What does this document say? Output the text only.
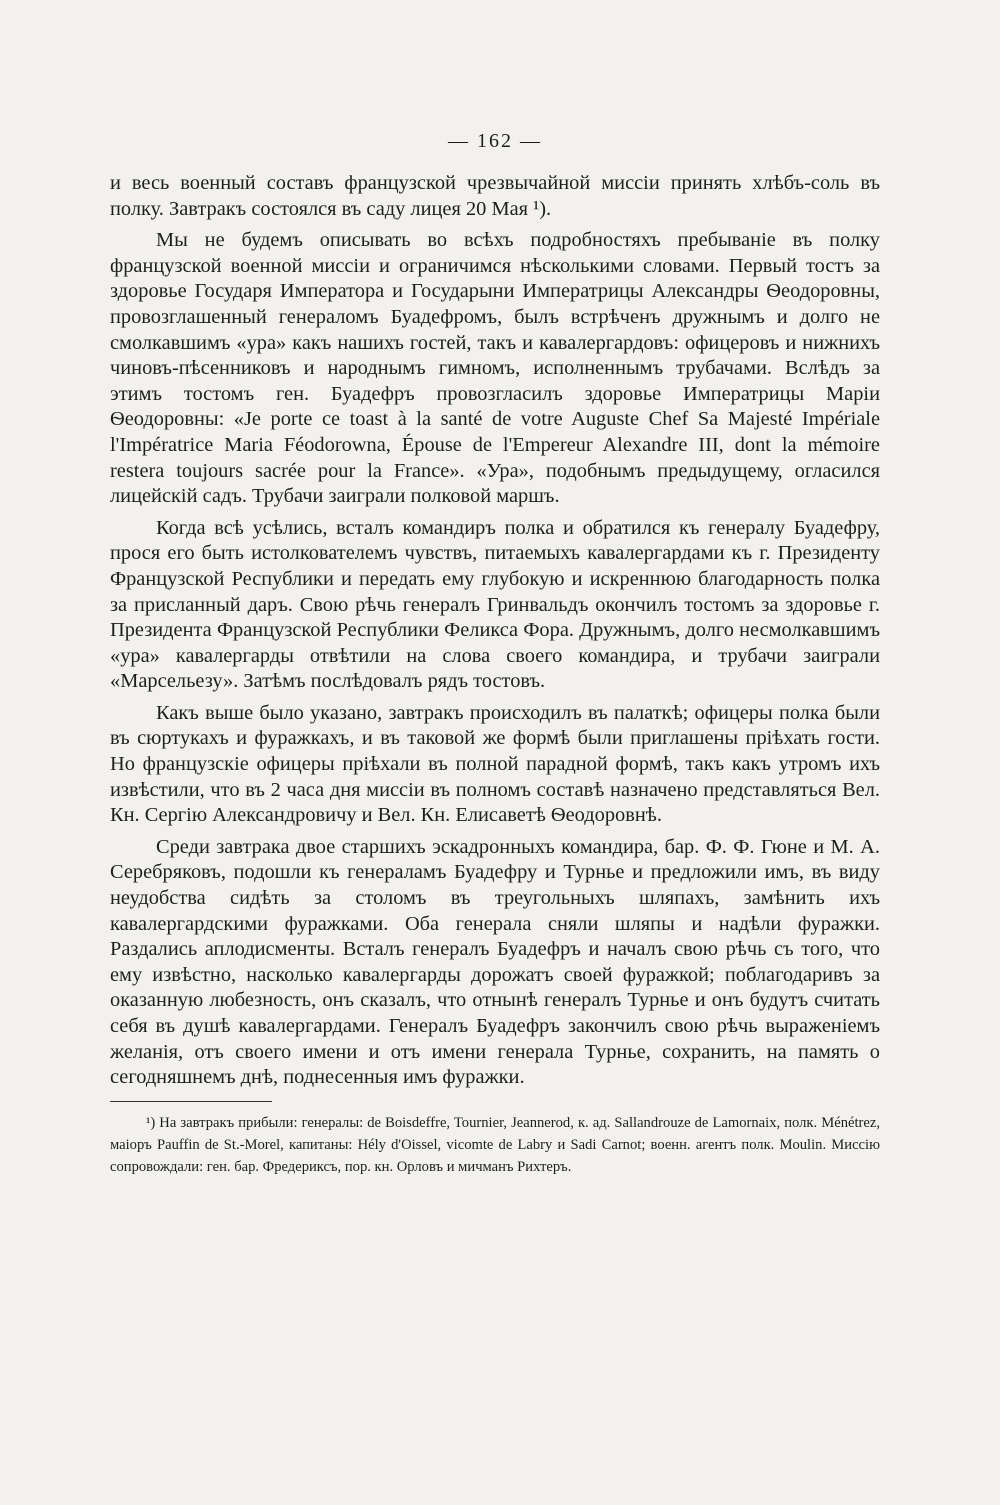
— 162 —

и весь военный составъ французской чрезвычайной миссіи принять хлѣбъ-соль въ полку. Завтракъ состоялся въ саду лицея 20 Мая ¹).

Мы не будемъ описывать во всѣхъ подробностяхъ пребываніе въ полку французской военной миссіи и ограничимся нѣсколькими словами. Первый тостъ за здоровье Государя Императора и Государыни Императрицы Александры Ѳеодоровны, провозглашенный генераломъ Буадефромъ, былъ встрѣченъ дружнымъ и долго не смолкавшимъ «ура» какъ нашихъ гостей, такъ и кавалергардовъ: офицеровъ и нижнихъ чиновъ-пѣсенниковъ и народнымъ гимномъ, исполненнымъ трубачами. Вслѣдъ за этимъ тостомъ ген. Буадефръ провозгласилъ здоровье Императрицы Маріи Ѳеодоровны: «Je porte ce toast à la santé de votre Auguste Chef Sa Majesté Impériale l'Impératrice Maria Féodorowna, Épouse de l'Empereur Alexandre III, dont la mémoire restera toujours sacrée pour la France». «Ура», подобнымъ предыдущему, огласился лицейскій садъ. Трубачи заиграли полковой маршъ.

Когда всѣ усѣлись, всталъ командиръ полка и обратился къ генералу Буадефру, прося его быть истолкователемъ чувствъ, питаемыхъ кавалергардами къ г. Президенту Французской Республики и передать ему глубокую и искреннюю благодарность полка за присланный даръ. Свою рѣчь генералъ Гринвальдъ окончилъ тостомъ за здоровье г. Президента Французской Республики Феликса Фора. Дружнымъ, долго несмолкавшимъ «ура» кавалергарды отвѣтили на слова своего командира, и трубачи заиграли «Марсельезу». Затѣмъ послѣдовалъ рядъ тостовъ.

Какъ выше было указано, завтракъ происходилъ въ палаткѣ; офицеры полка были въ сюртукахъ и фуражкахъ, и въ таковой же формѣ были приглашены пріѣхать гости. Но французскіе офицеры пріѣхали въ полной парадной формѣ, такъ какъ утромъ ихъ извѣстили, что въ 2 часа дня миссіи въ полномъ составѣ назначено представляться Вел. Кн. Сергію Александровичу и Вел. Кн. Елисаветѣ Ѳеодоровнѣ.

Среди завтрака двое старшихъ эскадронныхъ командира, бар. Ф. Ф. Гюне и М. А. Серебряковъ, подошли къ генераламъ Буадефру и Турнье и предложили имъ, въ виду неудобства сидѣть за столомъ въ треугольныхъ шляпахъ, замѣнить ихъ кавалергардскими фуражками. Оба генерала сняли шляпы и надѣли фуражки. Раздались аплодисменты. Всталъ генералъ Буадефръ и началъ свою рѣчь съ того, что ему извѣстно, насколько кавалергарды дорожатъ своей фуражкой; поблагодаривъ за оказанную любезность, онъ сказалъ, что отнынѣ генералъ Турнье и онъ будутъ считать себя въ душѣ кавалергардами. Генералъ Буадефръ закончилъ свою рѣчь выраженіемъ желанія, отъ своего имени и отъ имени генерала Турнье, сохранить, на память о сегодняшнемъ днѣ, поднесенныя имъ фуражки.

¹) На завтракъ прибыли: генералы: de Boisdeffre, Tournier, Jeannerod, к. ад. Sallandrouze de Lamornaix, полк. Ménétrez, маіоръ Pauffin de St.-Morel, капитаны: Hély d'Oissel, vicomte de Labry и Sadi Carnot; военн. агентъ полк. Moulin. Миссію сопровождали: ген. бар. Фредериксъ, пор. кн. Орловъ и мичманъ Рихтеръ.
